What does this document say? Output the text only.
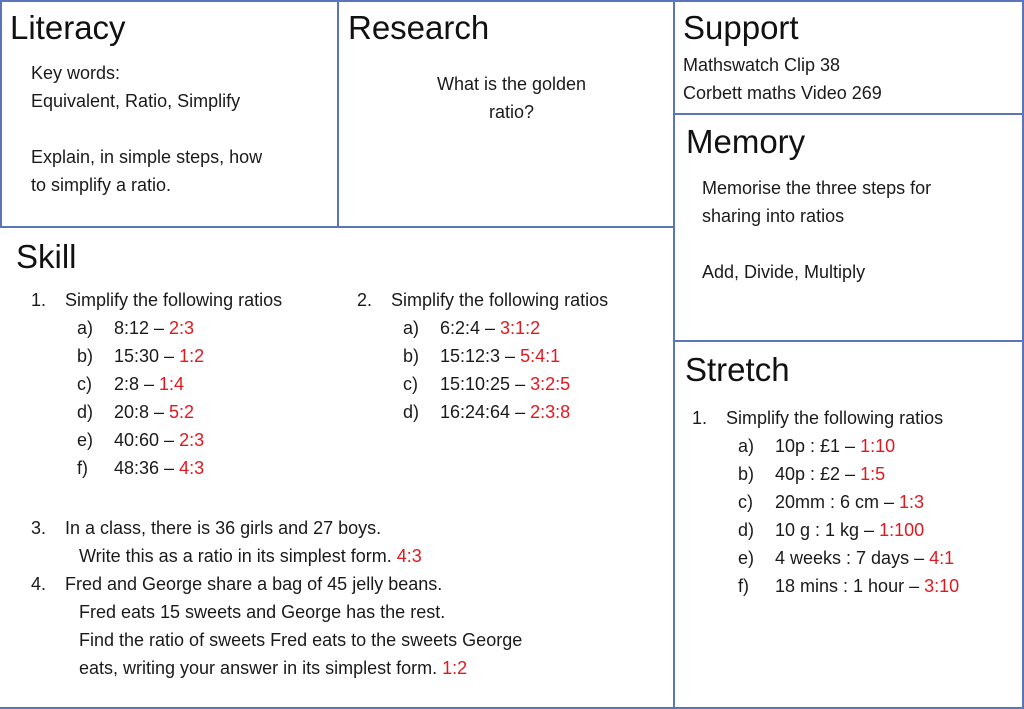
Literacy
Key words:
Equivalent, Ratio, Simplify
Explain, in simple steps, how
to simplify a ratio.
Research
What is the golden
ratio?
Support
Mathswatch Clip 38
Corbett maths Video 269
Memory
Memorise the three steps for
sharing into ratios
Add, Divide, Multiply
Skill
1. Simplify the following ratios
a) 8:12 – 2:3
b) 15:30 – 1:2
c) 2:8 – 1:4
d) 20:8 – 5:2
e) 40:60 – 2:3
f) 48:36 – 4:3
2. Simplify the following ratios
a) 6:2:4 – 3:1:2
b) 15:12:3 – 5:4:1
c) 15:10:25 – 3:2:5
d) 16:24:64 – 2:3:8
3. In a class, there is 36 girls and 27 boys.
Write this as a ratio in its simplest form. 4:3
4. Fred and George share a bag of 45 jelly beans.
Fred eats 15 sweets and George has the rest.
Find the ratio of sweets Fred eats to the sweets George
eats, writing your answer in its simplest form. 1:2
Stretch
1. Simplify the following ratios
a) 10p : £1 – 1:10
b) 40p : £2 – 1:5
c) 20mm : 6 cm – 1:3
d) 10 g : 1 kg – 1:100
e) 4 weeks : 7 days – 4:1
f) 18 mins : 1 hour – 3:10
